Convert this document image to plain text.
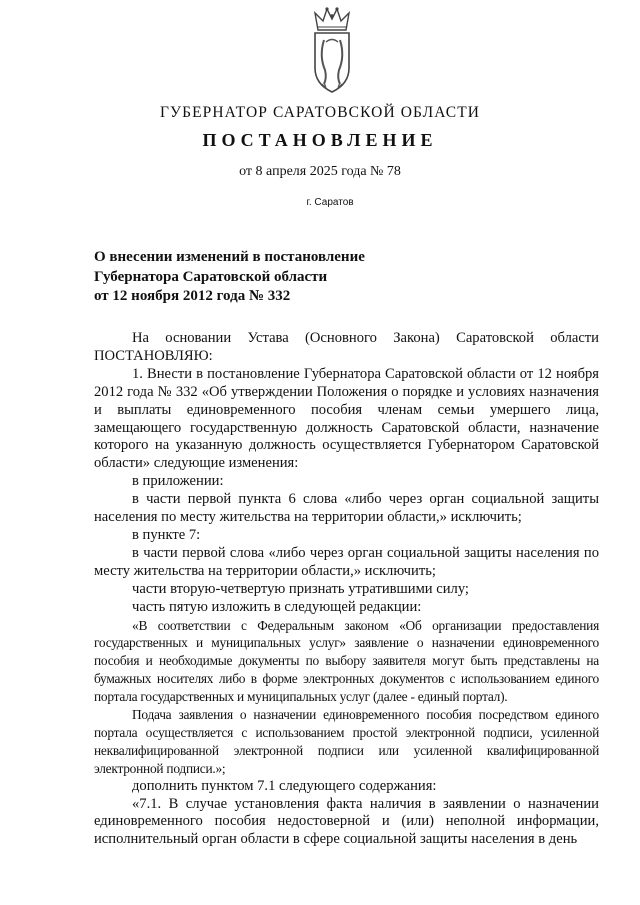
ГУБЕРНАТОР САРАТОВСКОЙ ОБЛАСТИ
ПОСТАНОВЛЕНИЕ
от 8 апреля 2025 года № 78
г. Саратов
О внесении изменений в постановление
Губернатора Саратовской области
от 12 ноября 2012 года № 332

На основании Устава (Основного Закона) Саратовской области ПОСТАНОВЛЯЮ:

1. Внести в постановление Губернатора Саратовской области от 12 ноября 2012 года № 332 «Об утверждении Положения о порядке и условиях назначения и выплаты единовременного пособия членам семьи умершего лица, замещающего государственную должность Саратовской области, назначение которого на указанную должность осуществляется Губернатором Саратовской области» следующие изменения:

в приложении:

в части первой пункта 6 слова «либо через орган социальной защиты населения по месту жительства на территории области,» исключить;

в пункте 7:

в части первой слова «либо через орган социальной защиты населения по месту жительства на территории области,» исключить;

части вторую-четвертую признать утратившими силу;

часть пятую изложить в следующей редакции:

«В соответствии с Федеральным законом «Об организации предоставления государственных и муниципальных услуг» заявление о назначении единовременного пособия и необходимые документы по выбору заявителя могут быть представлены на бумажных носителях либо в форме электронных документов с использованием единого портала государственных и муниципальных услуг (далее - единый портал).

Подача заявления о назначении единовременного пособия посредством единого портала осуществляется с использованием простой электронной подписи, усиленной неквалифицированной электронной подписи или усиленной квалифицированной электронной подписи.»;

дополнить пунктом 7.1 следующего содержания:

«7.1. В случае установления факта наличия в заявлении о назначении единовременного пособия недостоверной и (или) неполной информации, исполнительный орган области в сфере социальной защиты населения в день
